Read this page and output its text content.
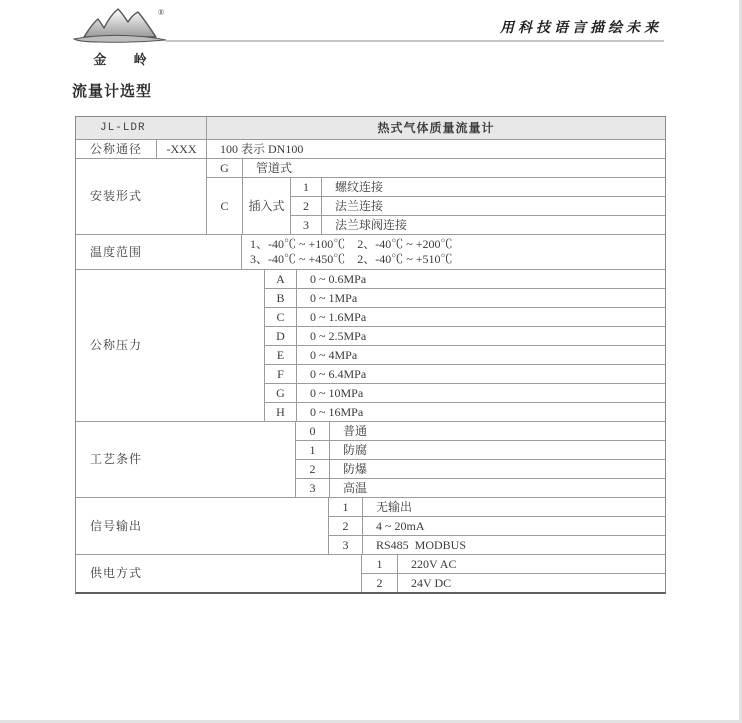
®
金 岭
用科技语言描绘未来
流量计选型
JL-LDR	热式气体质量流量计
公称通径	-XXX	100 表示 DN100
安装形式
G	管道式
C	插入式
1	螺纹连接
2	法兰连接
3	法兰球阀连接
温度范围
1、-40℃ ~ +100℃　2、-40℃ ~ +200℃
3、-40℃ ~ +450℃　2、-40℃ ~ +510℃
公称压力
A	0 ~ 0.6MPa
B	0 ~ 1MPa
C	0 ~ 1.6MPa
D	0 ~ 2.5MPa
E	0 ~ 4MPa
F	0 ~ 6.4MPa
G	0 ~ 10MPa
H	0 ~ 16MPa
工艺条件
0	普通
1	防腐
2	防爆
3	高温
信号输出
1	无输出
2	4 ~ 20mA
3	RS485  MODBUS
供电方式
1	220V AC
2	24V DC
